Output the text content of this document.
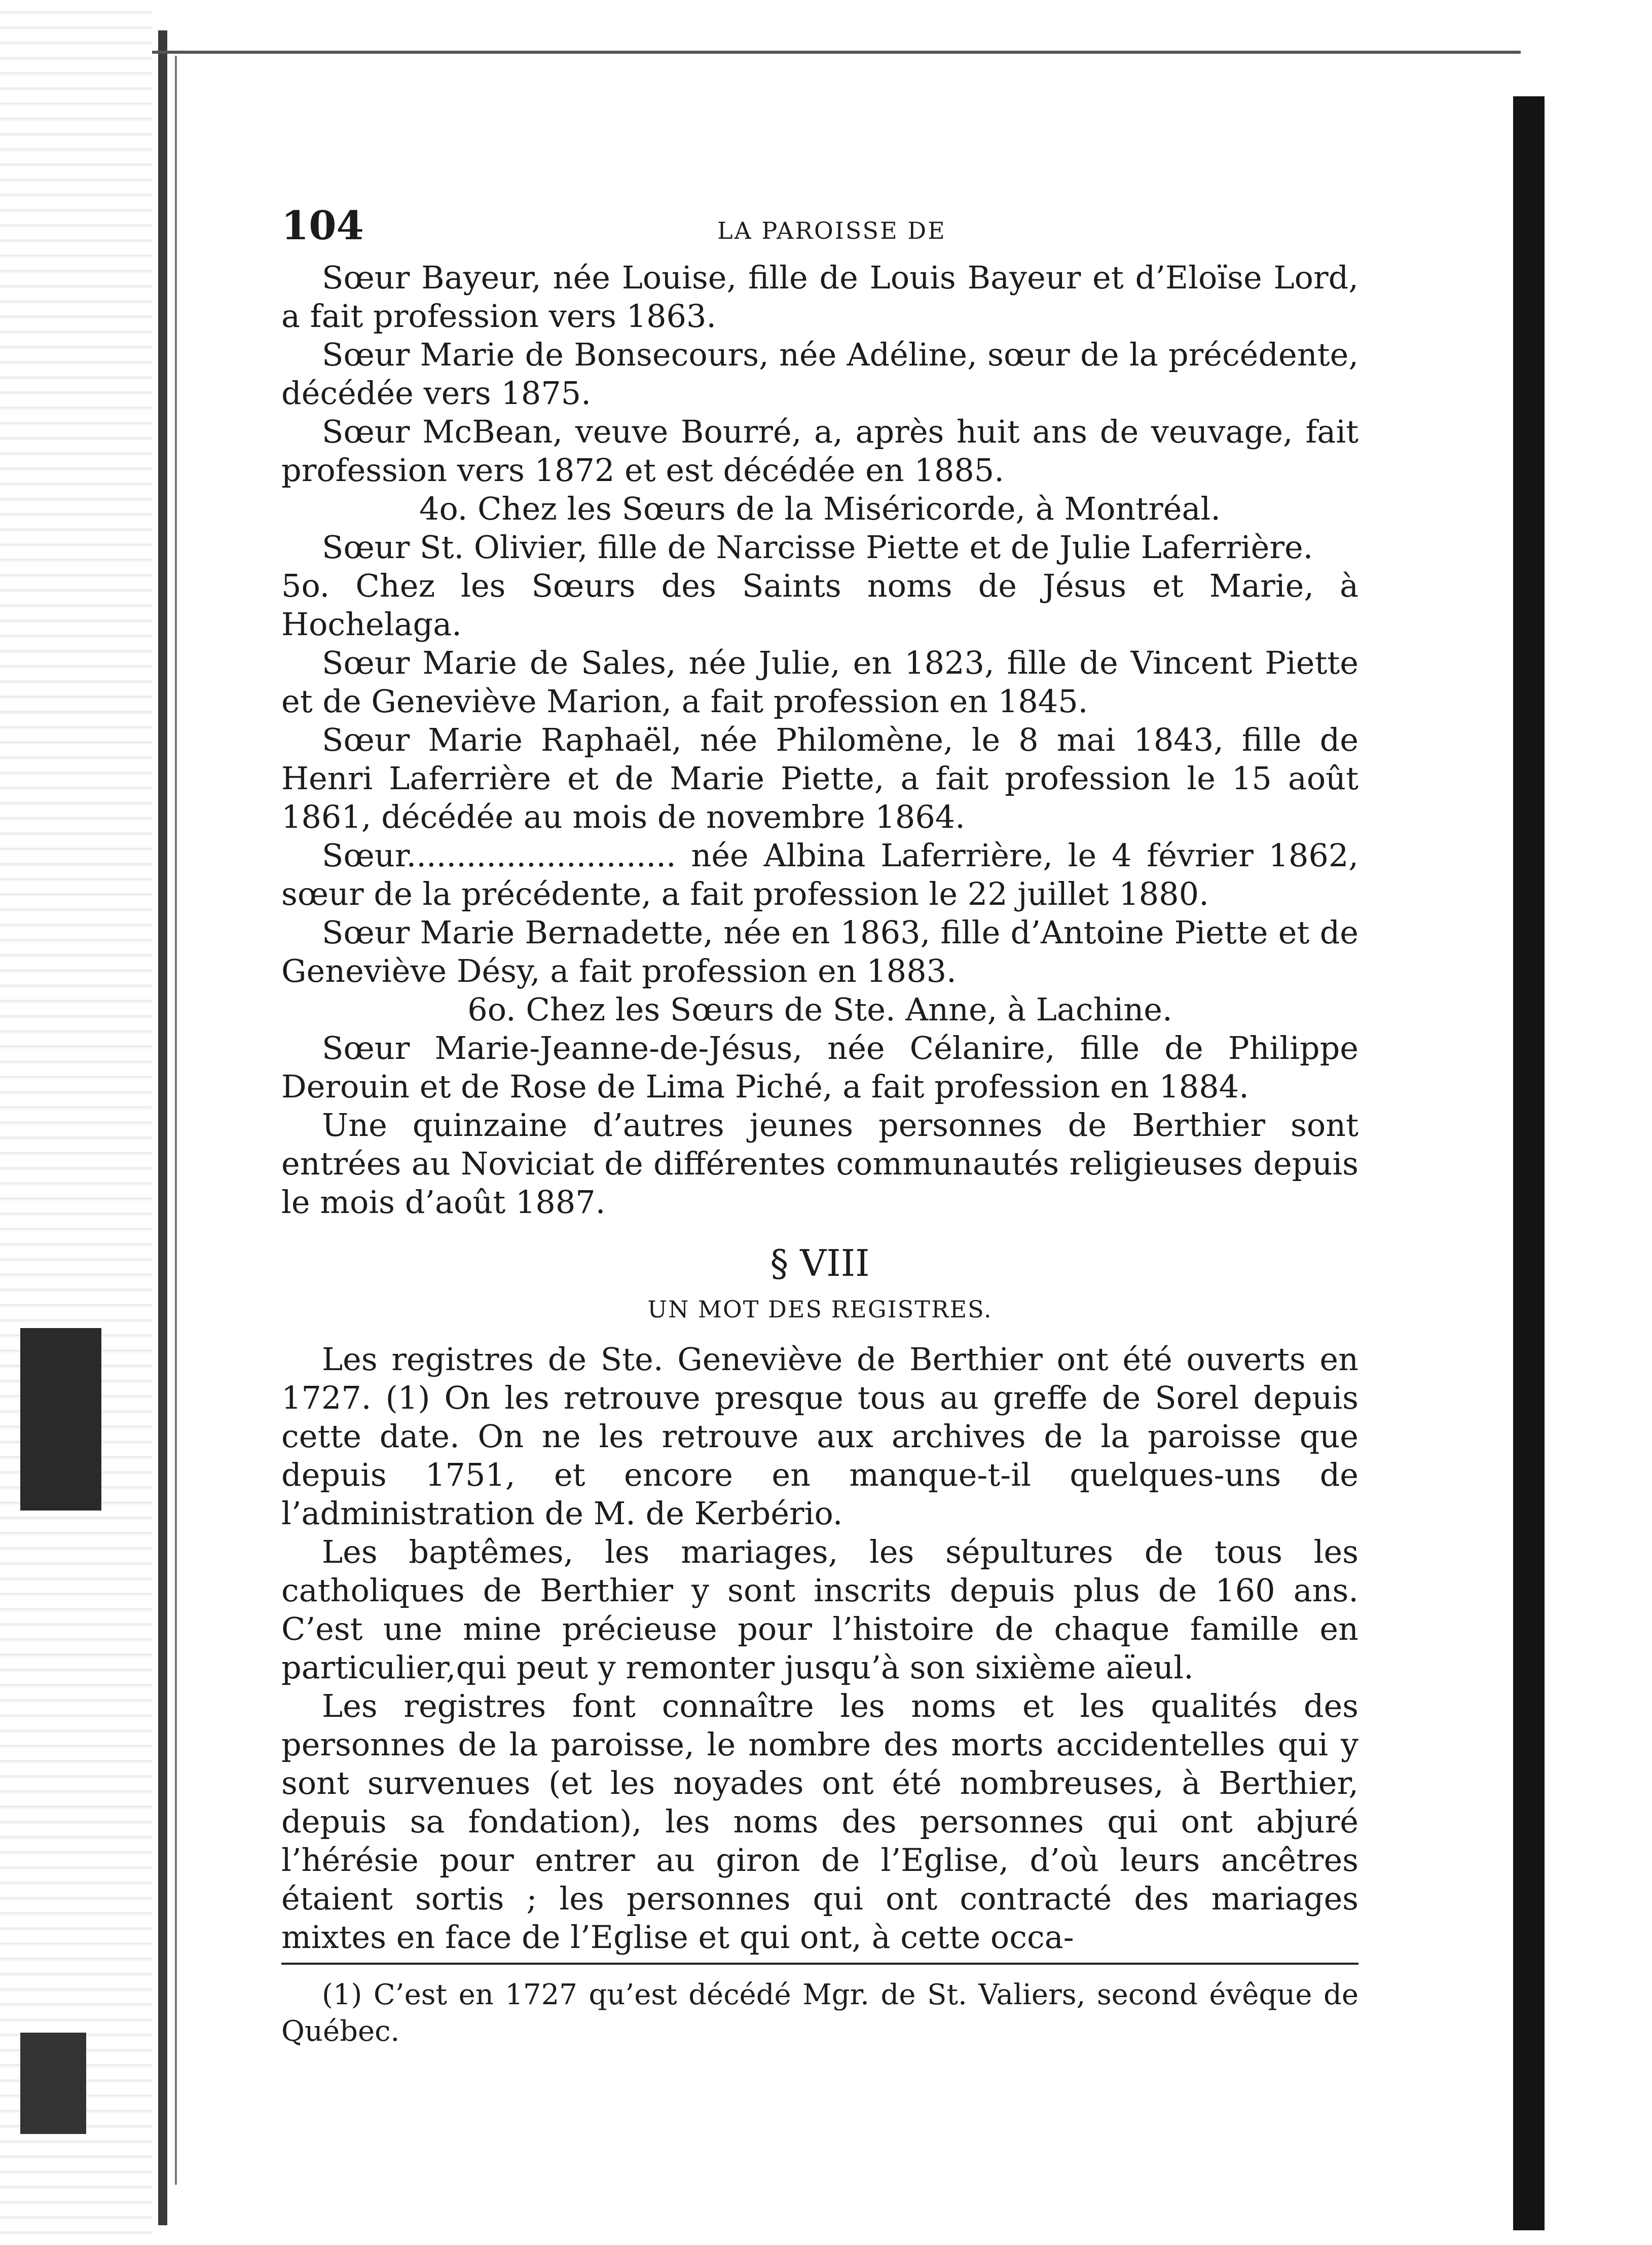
104	LA PAROISSE DE

Sœur Bayeur, née Louise, fille de Louis Bayeur et d’Eloïse Lord, a fait profession vers 1863.

Sœur Marie de Bonsecours, née Adéline, sœur de la précédente, décédée vers 1875.

Sœur McBean, veuve Bourré, a, après huit ans de veuvage, fait profession vers 1872 et est décédée en 1885.

4o. Chez les Sœurs de la Miséricorde, à Montréal.

Sœur St. Olivier, fille de Narcisse Piette et de Julie Laferrière.

5o. Chez les Sœurs des Saints noms de Jésus et Marie, à Hochelaga.

Sœur Marie de Sales, née Julie, en 1823, fille de Vincent Piette et de Geneviève Marion, a fait profession en 1845.

Sœur Marie Raphaël, née Philomène, le 8 mai 1843, fille de Henri Laferrière et de Marie Piette, a fait profession le 15 août 1861, décédée au mois de novembre 1864.

Sœur........................... née Albina Laferrière, le 4 février 1862, sœur de la précédente, a fait profession le 22 juillet 1880.

Sœur Marie Bernadette, née en 1863, fille d’Antoine Piette et de Geneviève Désy, a fait profession en 1883.

6o. Chez les Sœurs de Ste. Anne, à Lachine.

Sœur Marie-Jeanne-de-Jésus, née Célanire, fille de Philippe Derouin et de Rose de Lima Piché, a fait profession en 1884.

Une quinzaine d’autres jeunes personnes de Berthier sont entrées au Noviciat de différentes communautés religieuses depuis le mois d’août 1887.

§ VIII
UN MOT DES REGISTRES.

Les registres de Ste. Geneviève de Berthier ont été ouverts en 1727. (1) On les retrouve presque tous au greffe de Sorel depuis cette date. On ne les retrouve aux archives de la paroisse que depuis 1751, et encore en manque-t-il quelques-uns de l’administration de M. de Kerbério.

Les baptêmes, les mariages, les sépultures de tous les catholiques de Berthier y sont inscrits depuis plus de 160 ans. C’est une mine précieuse pour l’histoire de chaque famille en particulier,qui peut y remonter jusqu’à son sixième aïeul.

Les registres font connaître les noms et les qualités des personnes de la paroisse, le nombre des morts accidentelles qui y sont survenues (et les noyades ont été nombreuses, à Berthier, depuis sa fondation), les noms des personnes qui ont abjuré l’hérésie pour entrer au giron de l’Eglise, d’où leurs ancêtres étaient sortis ; les personnes qui ont contracté des mariages mixtes en face de l’Eglise et qui ont, à cette occa-

(1) C’est en 1727 qu’est décédé Mgr. de St. Valiers, second évêque de Québec.
